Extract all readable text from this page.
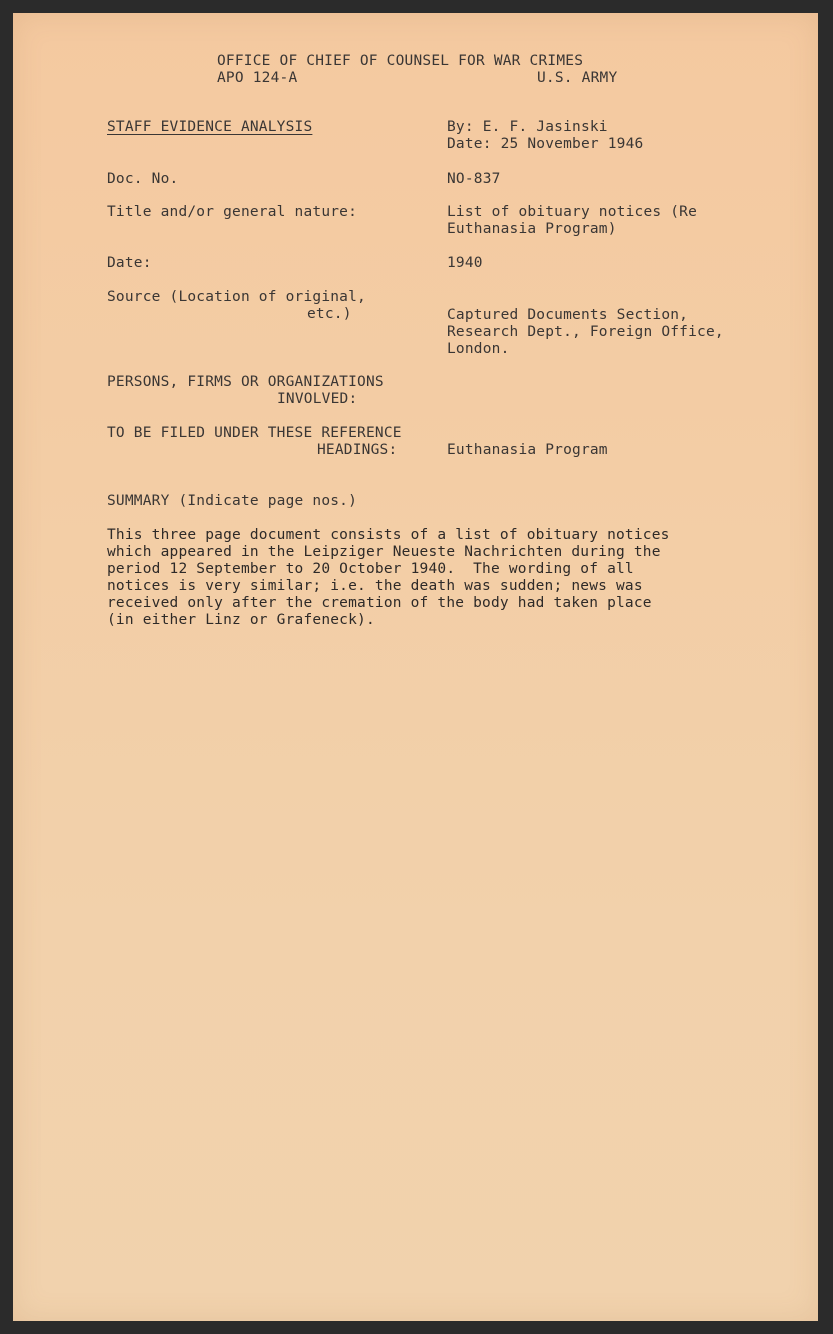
OFFICE OF CHIEF OF COUNSEL FOR WAR CRIMES
APO 124-A	U.S. ARMY
STAFF EVIDENCE ANALYSIS	By: E. F. Jasinski
Date: 25 November 1946
Doc. No.	NO-837
Title and/or general nature:	List of obituary notices (Re
Euthanasia Program)
Date:	1940
Source (Location of original,
etc.)	Captured Documents Section,
Research Dept., Foreign Office,
London.
PERSONS, FIRMS OR ORGANIZATIONS
INVOLVED:
TO BE FILED UNDER THESE REFERENCE
HEADINGS:	Euthanasia Program
SUMMARY (Indicate page nos.)
This three page document consists of a list of obituary notices
which appeared in the Leipziger Neueste Nachrichten during the
period 12 September to 20 October 1940.  The wording of all
notices is very similar; i.e. the death was sudden; news was
received only after the cremation of the body had taken place
(in either Linz or Grafeneck).
